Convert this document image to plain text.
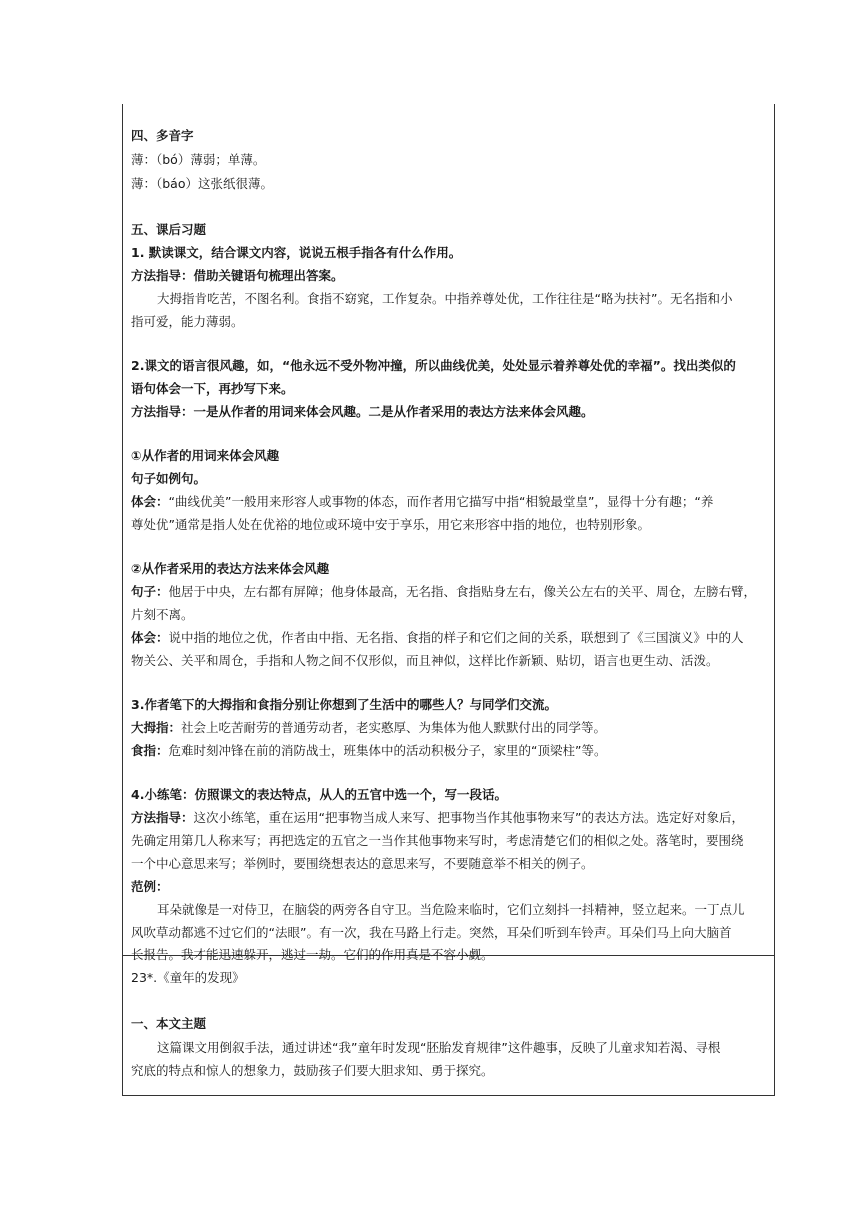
四、多音字
薄：（bó）薄弱；单薄。
薄：（báo）这张纸很薄。
五、课后习题
1. 默读课文，结合课文内容，说说五根手指各有什么作用。
方法指导：借助关键语句梳理出答案。
大拇指肯吃苦，不图名利。食指不窈窕，工作复杂。中指养尊处优，工作往往是“略为扶衬”。无名指和小
指可爱，能力薄弱。
2.课文的语言很风趣，如，“他永远不受外物冲撞，所以曲线优美，处处显示着养尊处优的幸福”。找出类似的
语句体会一下，再抄写下来。
方法指导：一是从作者的用词来体会风趣。二是从作者采用的表达方法来体会风趣。
①从作者的用词来体会风趣
句子如例句。
体会：“曲线优美”一般用来形容人或事物的体态，而作者用它描写中指“相貌最堂皇”，显得十分有趣；“养
尊处优”通常是指人处在优裕的地位或环境中安于享乐，用它来形容中指的地位，也特别形象。
②从作者采用的表达方法来体会风趣
句子：他居于中央，左右都有屏障；他身体最高，无名指、食指贴身左右，像关公左右的关平、周仓，左膀右臂，
片刻不离。
体会：说中指的地位之优，作者由中指、无名指、食指的样子和它们之间的关系，联想到了《三国演义》中的人
物关公、关平和周仓，手指和人物之间不仅形似，而且神似，这样比作新颖、贴切，语言也更生动、活泼。
3.作者笔下的大拇指和食指分别让你想到了生活中的哪些人？与同学们交流。
大拇指：社会上吃苦耐劳的普通劳动者，老实憨厚、为集体为他人默默付出的同学等。
食指：危难时刻冲锋在前的消防战士，班集体中的活动积极分子，家里的“顶梁柱”等。
4.小练笔：仿照课文的表达特点，从人的五官中选一个，写一段话。
方法指导：这次小练笔，重在运用“把事物当成人来写、把事物当作其他事物来写”的表达方法。选定好对象后，
先确定用第几人称来写；再把选定的五官之一当作其他事物来写时，考虑清楚它们的相似之处。落笔时，要围绕
一个中心意思来写；举例时，要围绕想表达的意思来写，不要随意举不相关的例子。
范例：
耳朵就像是一对侍卫，在脑袋的两旁各自守卫。当危险来临时，它们立刻抖一抖精神，竖立起来。一丁点儿
风吹草动都逃不过它们的“法眼”。有一次，我在马路上行走。突然，耳朵们听到车铃声。耳朵们马上向大脑首
长报告。我才能迅速躲开，逃过一劫。它们的作用真是不容小觑。
23*.《童年的发现》
一、本文主题
这篇课文用倒叙手法，通过讲述“我”童年时发现“胚胎发育规律”这件趣事，反映了儿童求知若渴、寻根
究底的特点和惊人的想象力，鼓励孩子们要大胆求知、勇于探究。
